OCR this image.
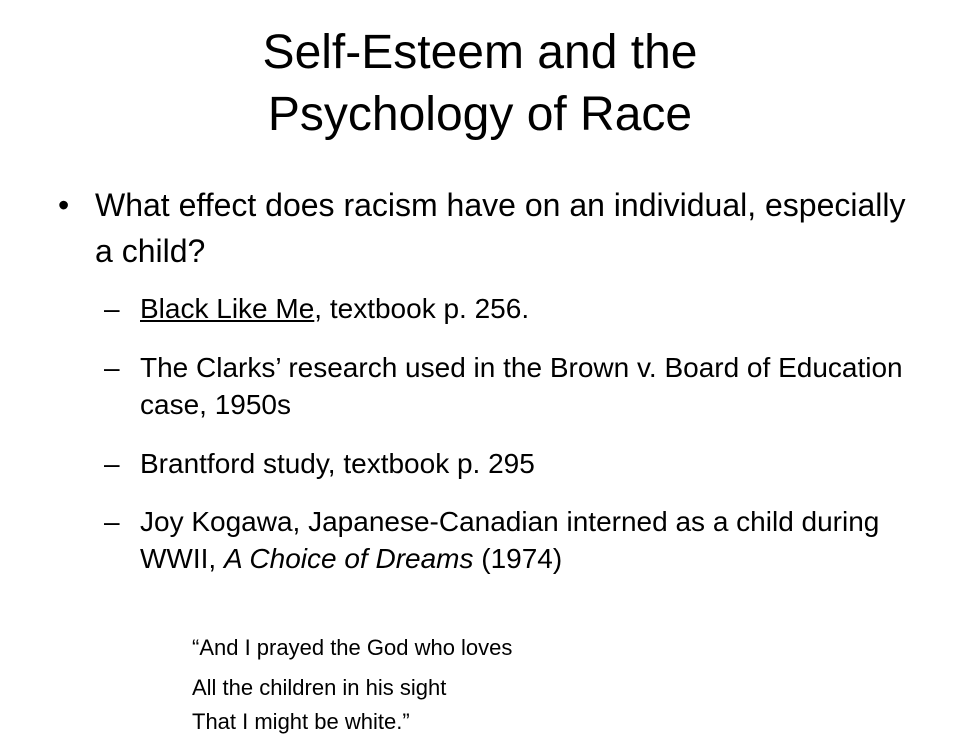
Self-Esteem and the
Psychology of Race
• What effect does racism have on an individual, especially a child?
– Black Like Me, textbook p. 256.
– The Clarks’ research used in the Brown v. Board of Education case, 1950s
– Brantford study, textbook p. 295
– Joy Kogawa, Japanese-Canadian interned as a child during WWII, A Choice of Dreams (1974)
“And I prayed the God who loves
All the children in his sight
That I might be white.”
